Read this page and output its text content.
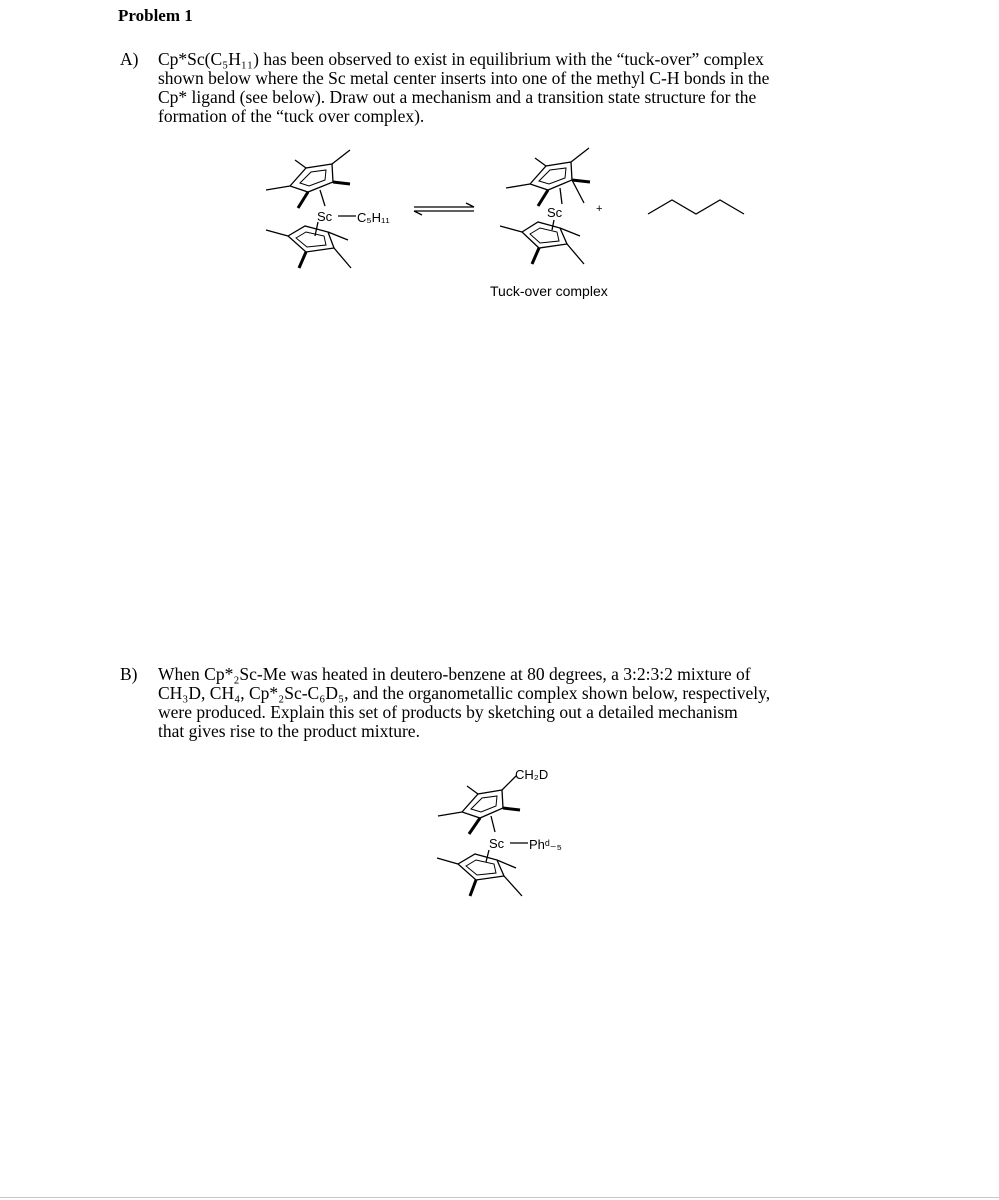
Problem 1
A) Cp*Sc(C₅H₁₁) has been observed to exist in equilibrium with the “tuck-over” complex
shown below where the Sc metal center inserts into one of the methyl C-H bonds in the
Cp* ligand (see below). Draw out a mechanism and a transition state structure for the
formation of the “tuck over complex).
Sc C₅H₁₁	Sc	+
Tuck-over complex
B) When Cp*₂Sc-Me was heated in deutero-benzene at 80 degrees, a 3:2:3:2 mixture of
CH₃D, CH₄, Cp*₂Sc-C₆D₅, and the organometallic complex shown below, respectively,
were produced. Explain this set of products by sketching out a detailed mechanism
that gives rise to the product mixture.
CH₂D
Sc Phᵈ₋₅
